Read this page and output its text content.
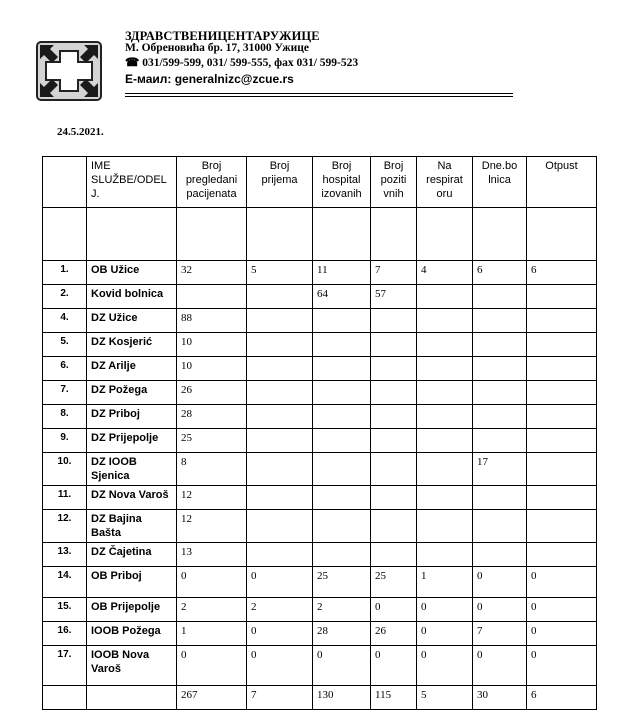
ЗДРАВСТВЕНИЦЕНТАРУЖИЦЕ
М. Обреновића бр. 17, 31000 Ужице
☎ 031/599-599, 031/ 599-555, фах 031/ 599-523
Е-маил: generalnizc@zcue.rs
24.5.2021.
	IME SLUŽBE/ODEL J.	Broj pregledani pacijenata	Broj prijema	Broj hospital izovanih	Broj poziti vnih	Na respirat oru	Dne.bo lnica	Otpust

1.	OB Užice	32	5	11	7	4	6	6
2.	Kovid bolnica			64	57			
4.	DZ Užice	88						
5.	DZ Kosjerić	10						
6.	DZ Arilje	10						
7.	DZ Požega	26						
8.	DZ Priboj	28						
9.	DZ Prijepolje	25						
10.	DZ IOOB Sjenica	8					17	
11.	DZ Nova Varoš	12						
12.	DZ Bajina Bašta	12						
13.	DZ Čajetina	13						
14.	OB Priboj	0	0	25	25	1	0	0
15.	OB Prijepolje	2	2	2	0	0	0	0
16.	IOOB Požega	1	0	28	26	0	7	0
17.	IOOB Nova Varoš	0	0	0	0	0	0	0
		267	7	130	115	5	30	6
